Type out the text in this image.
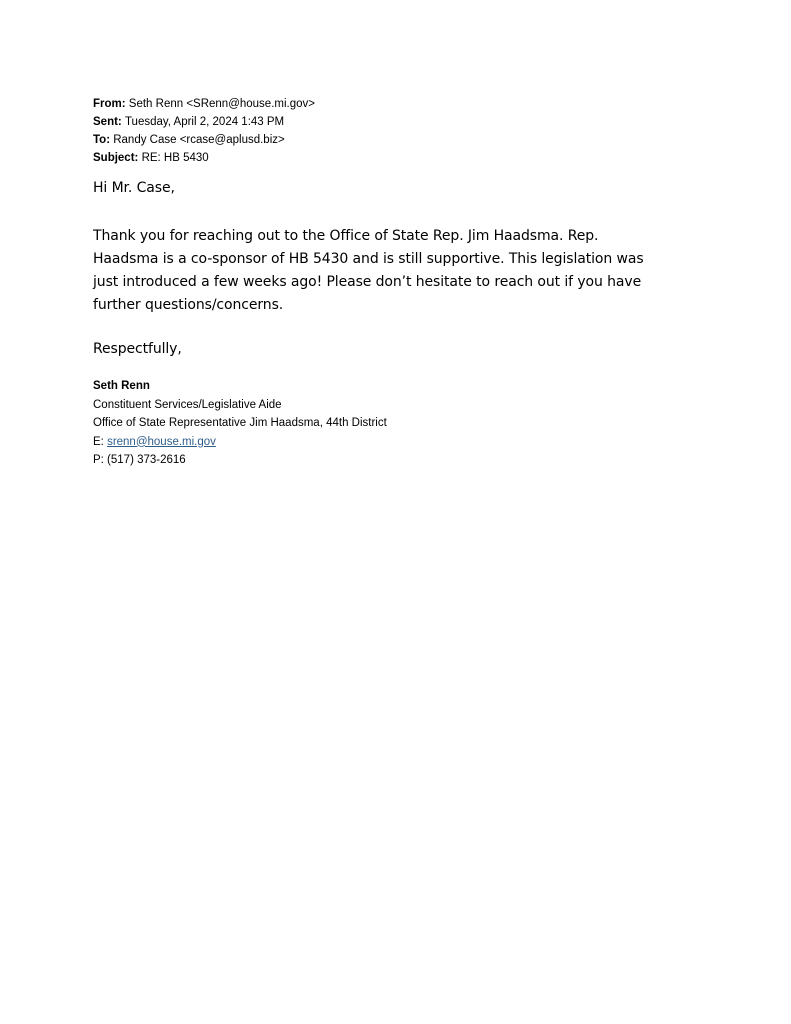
From: Seth Renn <SRenn@house.mi.gov>
Sent: Tuesday, April 2, 2024 1:43 PM
To: Randy Case <rcase@aplusd.biz>
Subject: RE: HB 5430
Hi Mr. Case,
Thank you for reaching out to the Office of State Rep. Jim Haadsma. Rep.
Haadsma is a co-sponsor of HB 5430 and is still supportive. This legislation was
just introduced a few weeks ago! Please don’t hesitate to reach out if you have
further questions/concerns.
Respectfully,
Seth Renn
Constituent Services/Legislative Aide
Office of State Representative Jim Haadsma, 44th District
E: srenn@house.mi.gov
P: (517) 373-2616
